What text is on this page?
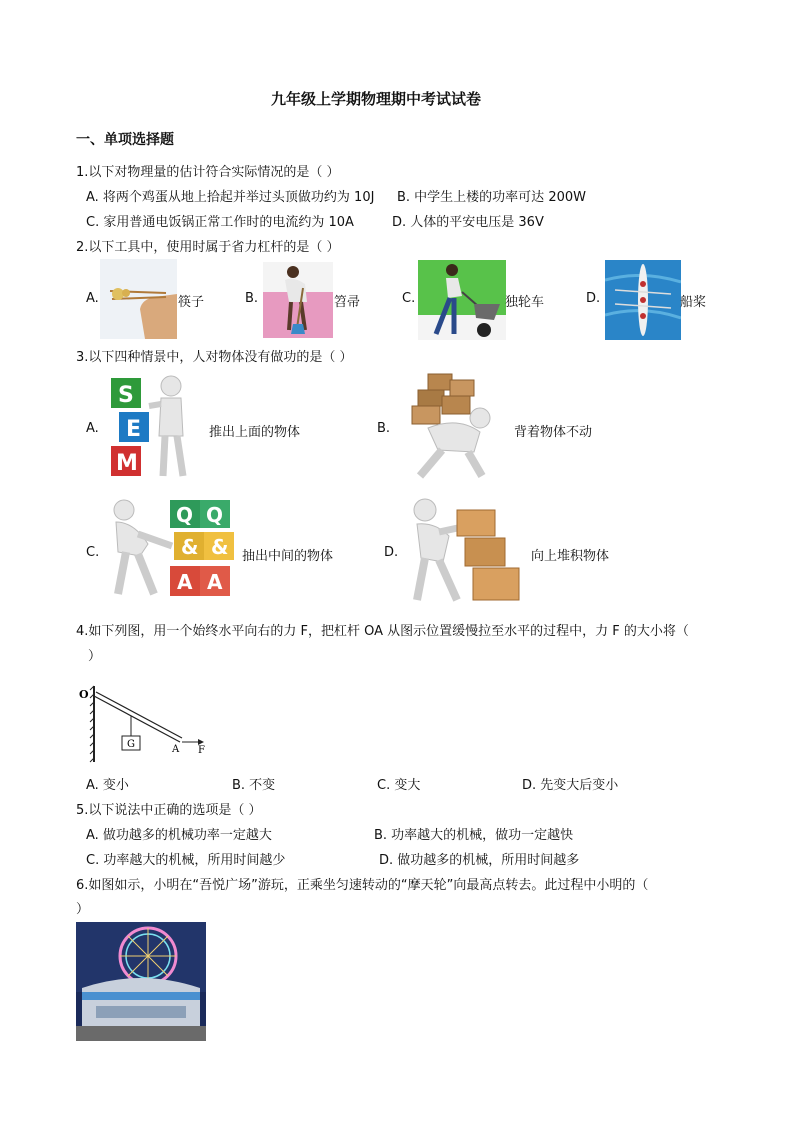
九年级上学期物理期中考试试卷
一、单项选择题
1.以下对物理量的估计符合实际情况的是（ ）
A. 将两个鸡蛋从地上拾起并举过头顶做功约为 10J B. 中学生上楼的功率可达 200W
C. 家用普通电饭锅正常工作时的电流约为 10A	D. 人体的平安电压是 36V
2.以下工具中，使用时属于省力杠杆的是（ ）
A.	筷子	B.	笤帚	C.	独轮车	D.	船桨
3.以下四种情景中，人对物体没有做功的是（ ）
A.
S
E
M
推出上面的物体	B.	背着物体不动
C.
Q Q
& &
A A
抽出中间的物体	D.	向上堆积物体
4.如下列图，用一个始终水平向右的力 F，把杠杆 OA 从图示位置缓慢拉至水平的过程中，力 F 的大小将（
）
O
G	A F
A. 变小	B. 不变	C. 变大	D. 先变大后变小
5.以下说法中正确的选项是（ ）
A. 做功越多的机械功率一定越大	B. 功率越大的机械，做功一定越快
C. 功率越大的机械，所用时间越少	D. 做功越多的机械，所用时间越多
6.如图如示，小明在“吾悦广场”游玩，正乘坐匀速转动的“摩天轮”向最高点转去。此过程中小明的（
）
